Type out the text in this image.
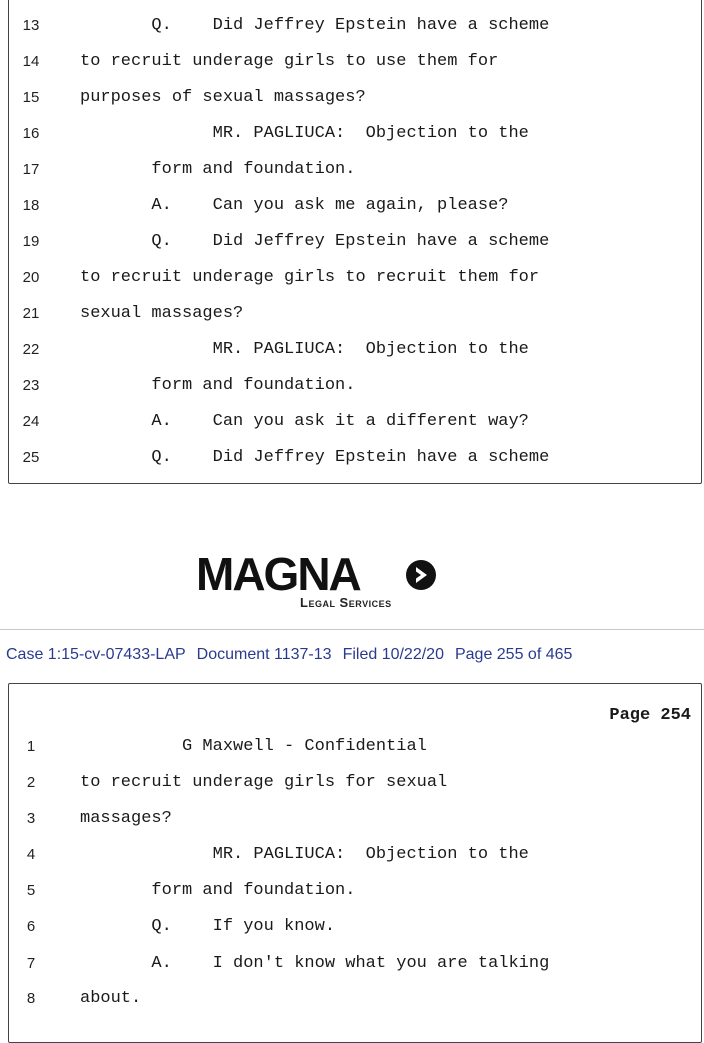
13	Q.    Did Jeffrey Epstein have a scheme
14	to recruit underage girls to use them for
15	purposes of sexual massages?
16	MR. PAGLIUCA:  Objection to the
17	form and foundation.
18	A.    Can you ask me again, please?
19	Q.    Did Jeffrey Epstein have a scheme
20	to recruit underage girls to recruit them for
21	sexual massages?
22	MR. PAGLIUCA:  Objection to the
23	form and foundation.
24	A.    Can you ask it a different way?
25	Q.    Did Jeffrey Epstein have a scheme
MAGNA
Legal Services
Case 1:15-cv-07433-LAP Document 1137-13 Filed 10/22/20 Page 255 of 465
Page 254
1	G Maxwell - Confidential
2	to recruit underage girls for sexual
3	massages?
4	MR. PAGLIUCA:  Objection to the
5	form and foundation.
6	Q.    If you know.
7	A.    I don't know what you are talking
8	about.
